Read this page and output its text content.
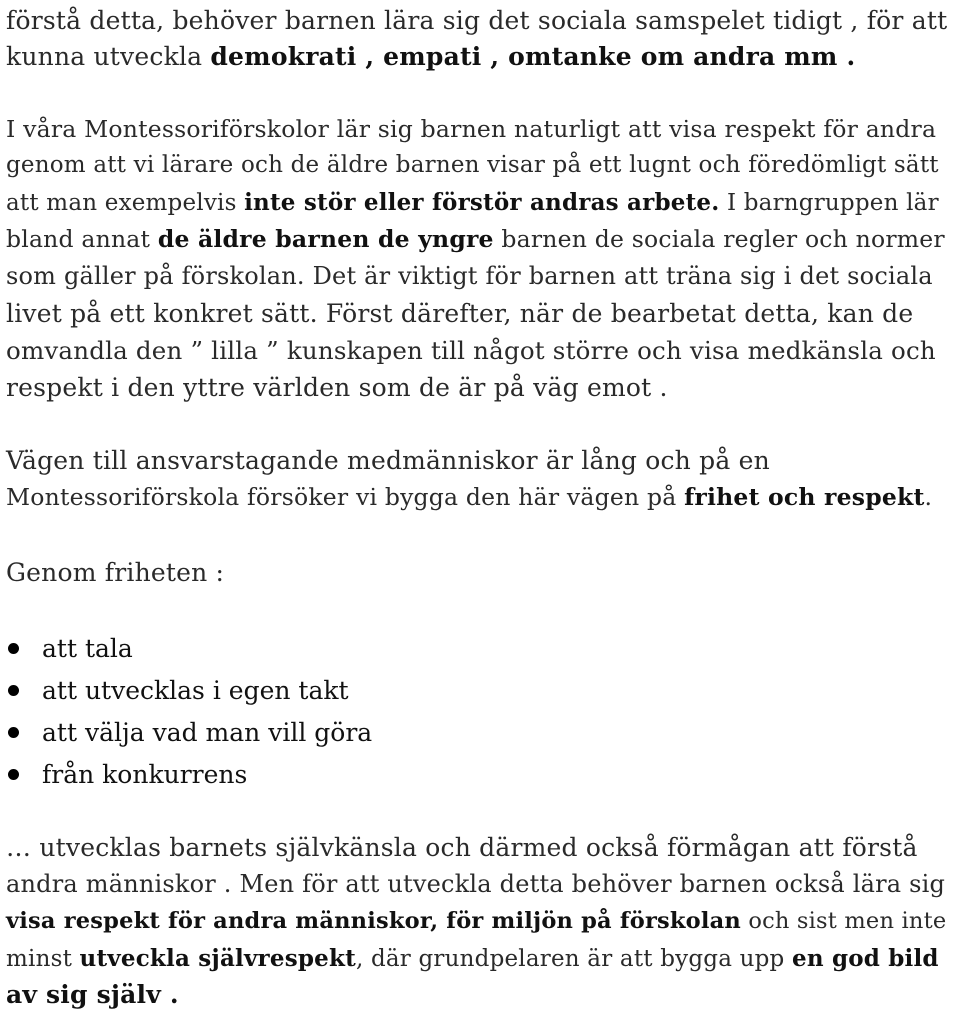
förstå detta, behöver barnen lära sig det sociala samspelet tidigt , för att
kunna utveckla demokrati , empati , omtanke om andra mm .
I våra Montessoriförskolor lär sig barnen naturligt att visa respekt för andra
genom att vi lärare och de äldre barnen visar på ett lugnt och föredömligt sätt
att man exempelvis inte stör eller förstör andras arbete. I barngruppen lär
bland annat de äldre barnen de yngre barnen de sociala regler och normer
som gäller på förskolan. Det är viktigt för barnen att träna sig i det sociala
livet på ett konkret sätt. Först därefter, när de bearbetat detta, kan de
omvandla den ” lilla ” kunskapen till något större och visa medkänsla och
respekt i den yttre världen som de är på väg emot .
Vägen till ansvarstagande medmänniskor är lång och på en
Montessoriförskola försöker vi bygga den här vägen på frihet och respekt.
Genom friheten :
att tala
att utvecklas i egen takt
att välja vad man vill göra
från konkurrens
… utvecklas barnets självkänsla och därmed också förmågan att förstå
andra människor . Men för att utveckla detta behöver barnen också lära sig
visa respekt för andra människor, för miljön på förskolan och sist men inte
minst utveckla självrespekt, där grundpelaren är att bygga upp en god bild
av sig själv .
